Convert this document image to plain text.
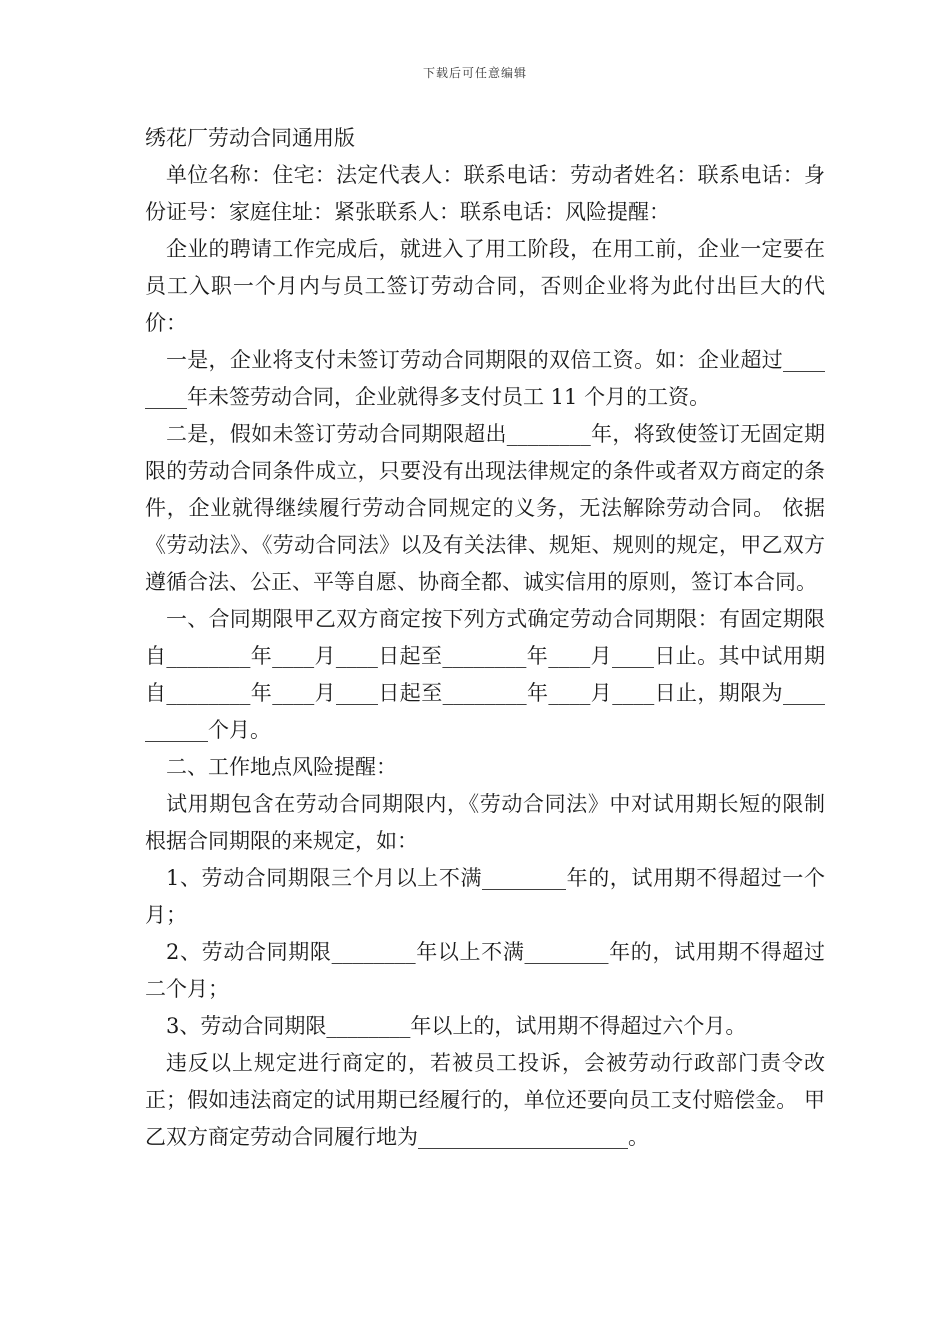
下载后可任意编辑

绣花厂劳动合同通用版

单位名称：住宅：法定代表人：联系电话：劳动者姓名：联系电话：身份证号：家庭住址：紧张联系人：联系电话：风险提醒：

企业的聘请工作完成后，就进入了用工阶段，在用工前，企业一定要在员工入职一个月内与员工签订劳动合同，否则企业将为此付出巨大的代价：

一是，企业将支付未签订劳动合同期限的双倍工资。如：企业超过________年未签劳动合同，企业就得多支付员工 11 个月的工资。

二是，假如未签订劳动合同期限超出________年，将致使签订无固定期限的劳动合同条件成立，只要没有出现法律规定的条件或者双方商定的条件，企业就得继续履行劳动合同规定的义务，无法解除劳动合同。 依据《劳动法》、《劳动合同法》以及有关法律、规矩、规则的规定，甲乙双方遵循合法、公正、平等自愿、协商全都、诚实信用的原则，签订本合同。

一、合同期限甲乙双方商定按下列方式确定劳动合同期限：有固定期限自________年____月____日起至________年____月____日止。其中试用期自________年____月____日起至________年____月____日止，期限为__________个月。

二、工作地点风险提醒：

试用期包含在劳动合同期限内，《劳动合同法》中对试用期长短的限制根据合同期限的来规定，如：

1、劳动合同期限三个月以上不满________年的，试用期不得超过一个月；

2、劳动合同期限________年以上不满________年的，试用期不得超过二个月；

3、劳动合同期限________年以上的，试用期不得超过六个月。

违反以上规定进行商定的，若被员工投诉，会被劳动行政部门责令改正；假如违法商定的试用期已经履行的，单位还要向员工支付赔偿金。 甲乙双方商定劳动合同履行地为____________________。
